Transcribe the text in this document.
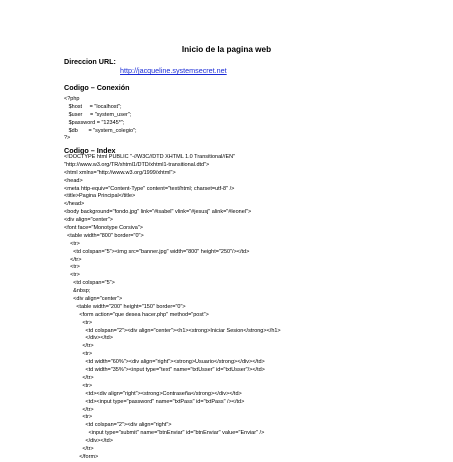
Inicio de la pagina web
Direccion URL:
http://jacqueline.systemsecret.net
Codigo – Conexión
<?php
$host     = "localhost";
$user     = "system_user";
$password = "12345*";
$db       = "system_colegio";
?>
Codigo – Index
<!DOCTYPE html PUBLIC "-//W3C//DTD XHTML 1.0 Transitional//EN"
"http://www.w3.org/TR/xhtml1/DTD/xhtml1-transitional.dtd">
<html xmlns="http://www.w3.org/1999/xhtml">
<head>
<meta http-equiv="Content-Type" content="text/html; charset=utf-8" />
<title>Pagina Principal</title>
</head>
<body background="fondo.jpg" link="#isabel" vlink="#jesusj" alink="#leonel">
<div align="center">
<font face="Monotype Corsiva">
<table width="800" border="0">
<tr>
<td colspan="5"><img src="banner.jpg" width="800" height="250"/></td>
</tr>
<tr>
<tr>
<td colspan="5">
&nbsp;
<div align="center">
<table width="200" height="150" border="0">
<form action="que desea hacer.php" method="post">
<tr>
<td colspan="2"><div align="center"><h1><strong>Iniciar Sesion</strong></h1>
</div></td>
</tr>
<tr>
<td width="60%"><div align="right"><strong>Usuario</strong></div></td>
<td width="35%"><input type="text" name="txtUsser" id="txtUsser"/></td>
</tr>
<tr>
<td><div align="right"><strong>Contraseña</strong></div></td>
<td><input type="password" name="txtPass" id="txtPass" /></td>
</tr>
<tr>
<td colspan="2"><div align="right">
<input type="submit" name="btnEnviar" id="btnEnviar" value="Enviar" />
</div></td>
</tr>
</form>
